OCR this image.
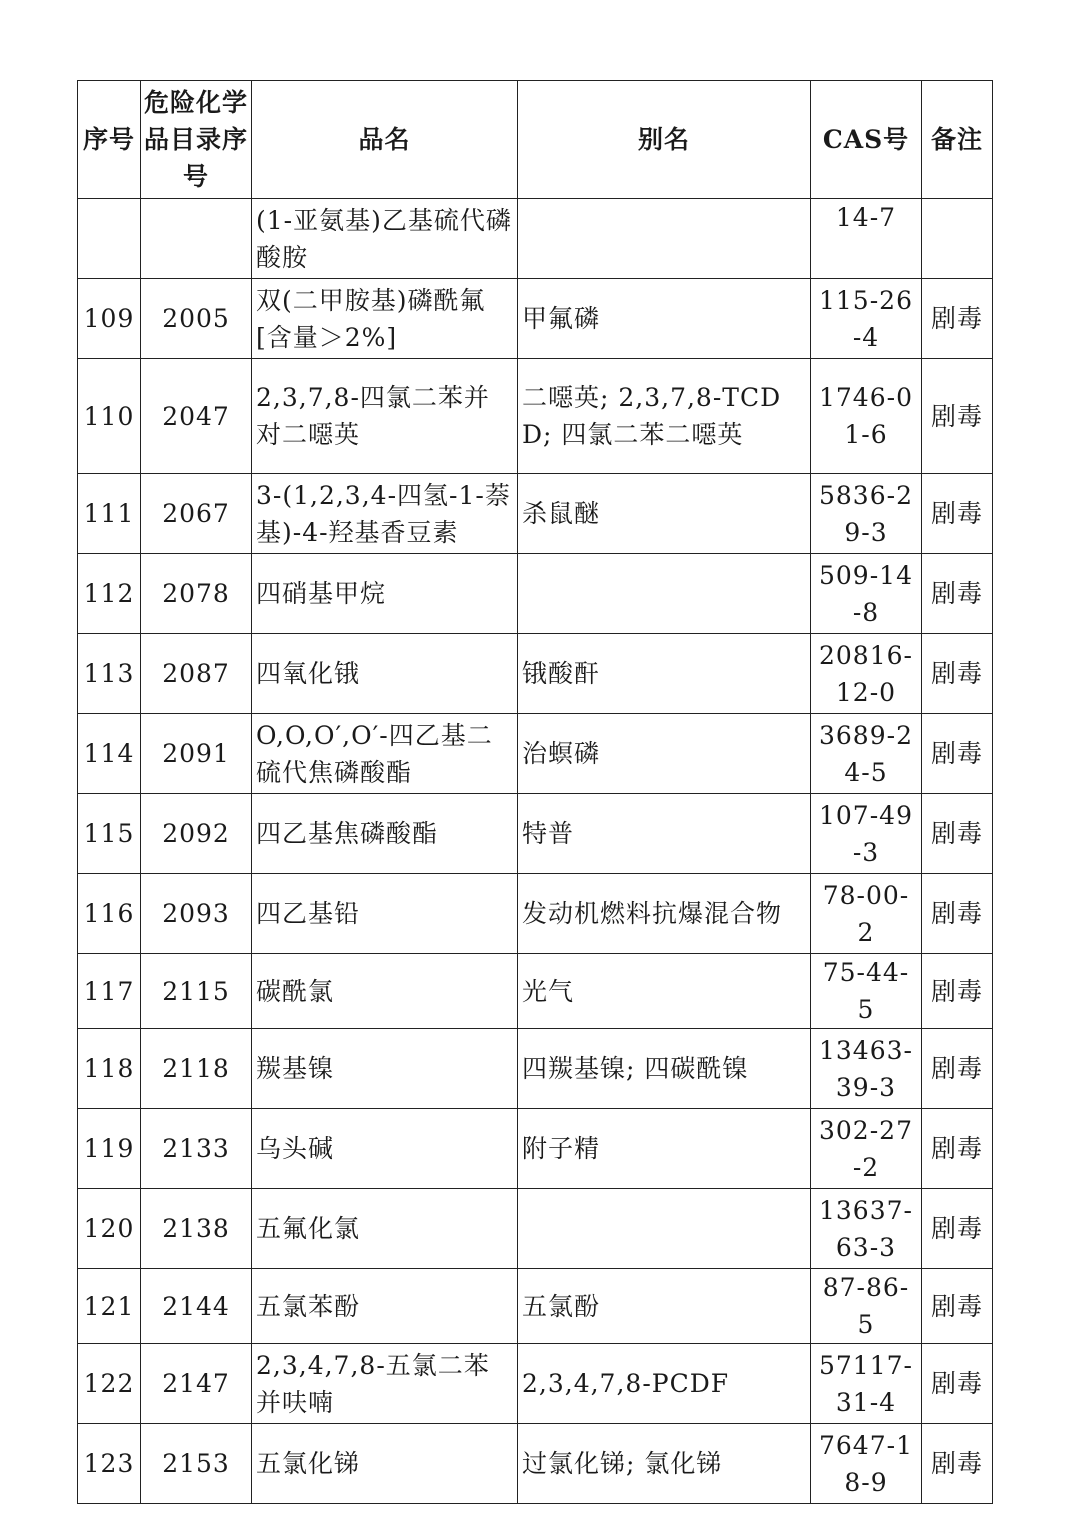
序号	危险化学品目录序号	品名	别名	CAS号	备注
		(1-亚氨基)乙基硫代磷酸胺		14-7	
109	2005	双(二甲胺基)磷酰氟[含量＞2%]	甲氟磷	115-26-4	剧毒
110	2047	2,3,7,8-四氯二苯并对二噁英	二噁英; 2,3,7,8-TCDD; 四氯二苯二噁英	1746-01-6	剧毒
111	2067	3-(1,2,3,4-四氢-1-萘基)-4-羟基香豆素	杀鼠醚	5836-29-3	剧毒
112	2078	四硝基甲烷		509-14-8	剧毒
113	2087	四氧化锇	锇酸酐	20816-12-0	剧毒
114	2091	O,O,O′,O′-四乙基二硫代焦磷酸酯	治螟磷	3689-24-5	剧毒
115	2092	四乙基焦磷酸酯	特普	107-49-3	剧毒
116	2093	四乙基铅	发动机燃料抗爆混合物	78-00-2	剧毒
117	2115	碳酰氯	光气	75-44-5	剧毒
118	2118	羰基镍	四羰基镍; 四碳酰镍	13463-39-3	剧毒
119	2133	乌头碱	附子精	302-27-2	剧毒
120	2138	五氟化氯		13637-63-3	剧毒
121	2144	五氯苯酚	五氯酚	87-86-5	剧毒
122	2147	2,3,4,7,8-五氯二苯并呋喃	2,3,4,7,8-PCDF	57117-31-4	剧毒
123	2153	五氯化锑	过氯化锑; 氯化锑	7647-18-9	剧毒
